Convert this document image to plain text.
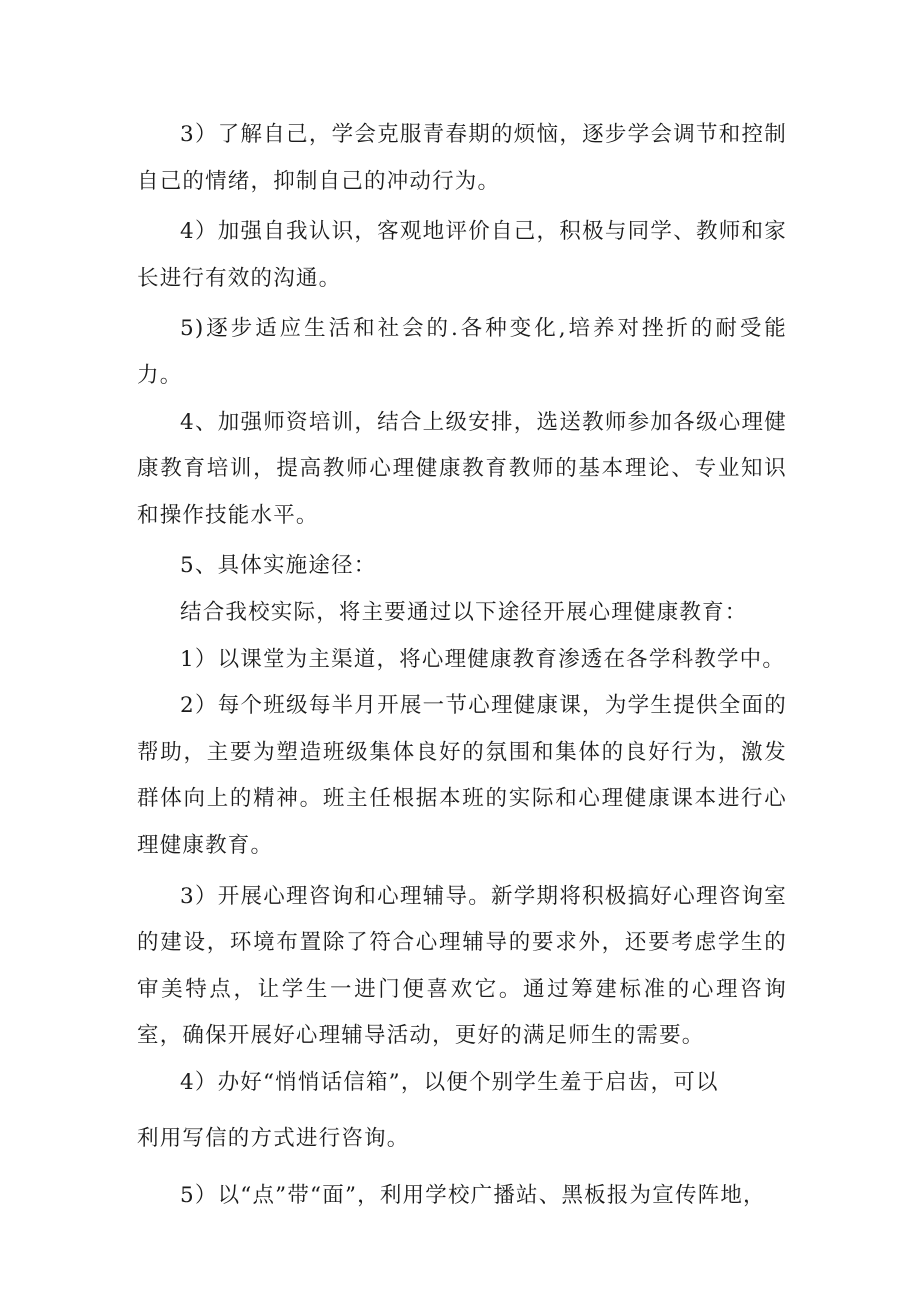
3）了解自己，学会克服青春期的烦恼，逐步学会调节和控制自己的情绪，抑制自己的冲动行为。

4）加强自我认识，客观地评价自己，积极与同学、教师和家长进行有效的沟通。

5)逐步适应生活和社会的.各种变化,培养对挫折的耐受能力。

4、加强师资培训，结合上级安排，选送教师参加各级心理健康教育培训，提高教师心理健康教育教师的基本理论、专业知识和操作技能水平。

5、具体实施途径：

结合我校实际，将主要通过以下途径开展心理健康教育：

1）以课堂为主渠道，将心理健康教育渗透在各学科教学中。

2）每个班级每半月开展一节心理健康课，为学生提供全面的帮助，主要为塑造班级集体良好的氛围和集体的良好行为，激发群体向上的精神。班主任根据本班的实际和心理健康课本进行心理健康教育。

3）开展心理咨询和心理辅导。新学期将积极搞好心理咨询室的建设，环境布置除了符合心理辅导的要求外，还要考虑学生的审美特点，让学生一进门便喜欢它。通过筹建标准的心理咨询室，确保开展好心理辅导活动，更好的满足师生的需要。

4）办好“悄悄话信箱”，以便个别学生羞于启齿，可以

利用写信的方式进行咨询。

5）以“点”带“面”，利用学校广播站、黑板报为宣传阵地，
